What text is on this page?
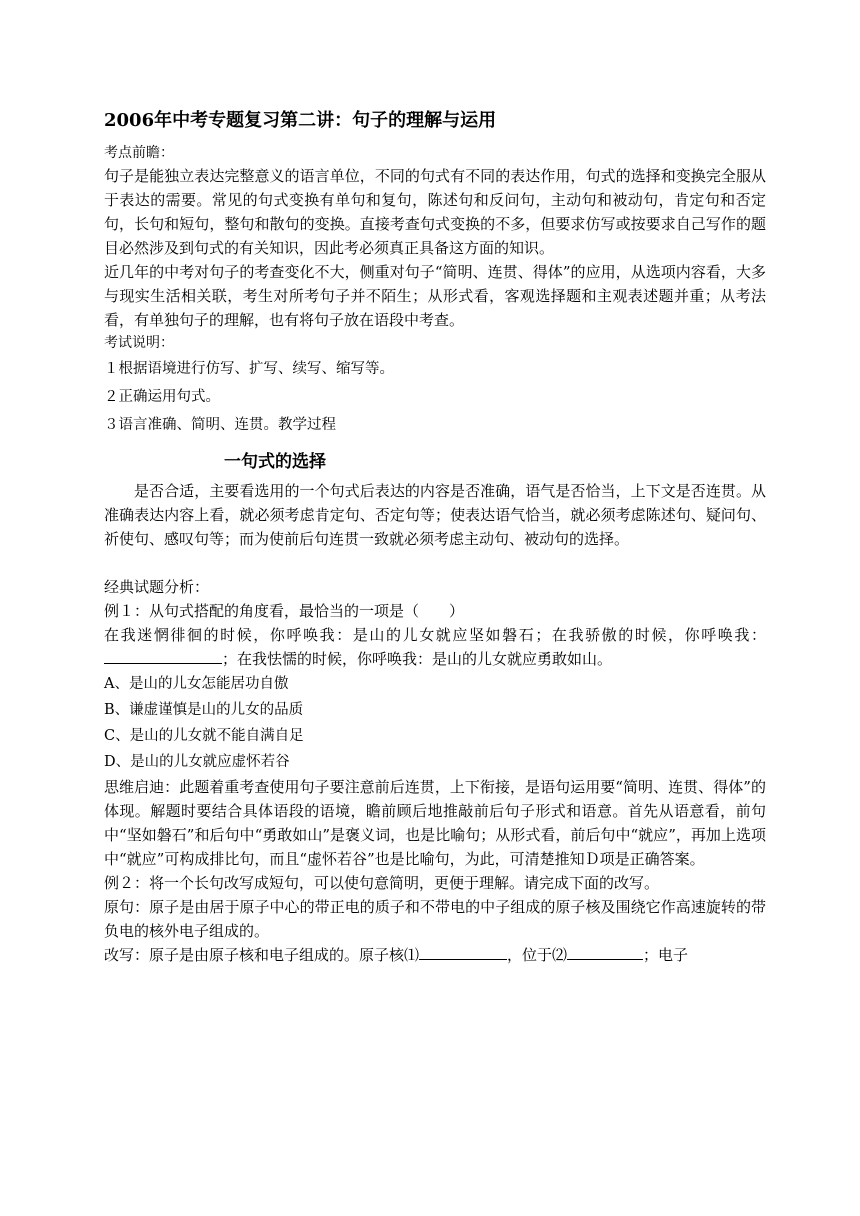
2006年中考专题复习第二讲：句子的理解与运用

考点前瞻：

句子是能独立表达完整意义的语言单位，不同的句式有不同的表达作用，句式的选择和变换完全服从于表达的需要。常见的句式变换有单句和复句，陈述句和反问句，主动句和被动句，肯定句和否定句，长句和短句，整句和散句的变换。直接考查句式变换的不多，但要求仿写或按要求自己写作的题目必然涉及到句式的有关知识，因此考必须真正具备这方面的知识。

近几年的中考对句子的考查变化不大，侧重对句子“简明、连贯、得体”的应用，从选项内容看，大多与现实生活相关联，考生对所考句子并不陌生；从形式看，客观选择题和主观表述题并重；从考法看，有单独句子的理解，也有将句子放在语段中考查。

考试说明：

１根据语境进行仿写、扩写、续写、缩写等。

２正确运用句式。

３语言准确、简明、连贯。教学过程

一句式的选择

是否合适，主要看选用的一个句式后表达的内容是否准确，语气是否恰当，上下文是否连贯。从准确表达内容上看，就必须考虑肯定句、否定句等；使表达语气恰当，就必须考虑陈述句、疑问句、祈使句、感叹句等；而为使前后句连贯一致就必须考虑主动句、被动句的选择。

经典试题分析：

例１：从句式搭配的角度看，最恰当的一项是（　　）

在我迷惘徘徊的时候，你呼唤我：是山的儿女就应坚如磐石；在我骄傲的时候，你呼唤我：；在我怯懦的时候，你呼唤我：是山的儿女就应勇敢如山。

A、是山的儿女怎能居功自傲

B、谦虚谨慎是山的儿女的品质

C、是山的儿女就不能自满自足

D、是山的儿女就应虚怀若谷

思维启迪：此题着重考查使用句子要注意前后连贯，上下衔接，是语句运用要“简明、连贯、得体”的体现。解题时要结合具体语段的语境，瞻前顾后地推敲前后句子形式和语意。首先从语意看，前句中“坚如磐石”和后句中“勇敢如山”是褒义词，也是比喻句；从形式看，前后句中“就应”，再加上选项中“就应”可构成排比句，而且“虚怀若谷”也是比喻句，为此，可清楚推知Ｄ项是正确答案。

例２：将一个长句改写成短句，可以使句意简明，更便于理解。请完成下面的改写。

原句：原子是由居于原子中心的带正电的质子和不带电的中子组成的原子核及围绕它作高速旋转的带负电的核外电子组成的。

改写：原子是由原子核和电子组成的。原子核⑴	，位于⑵	；电子
